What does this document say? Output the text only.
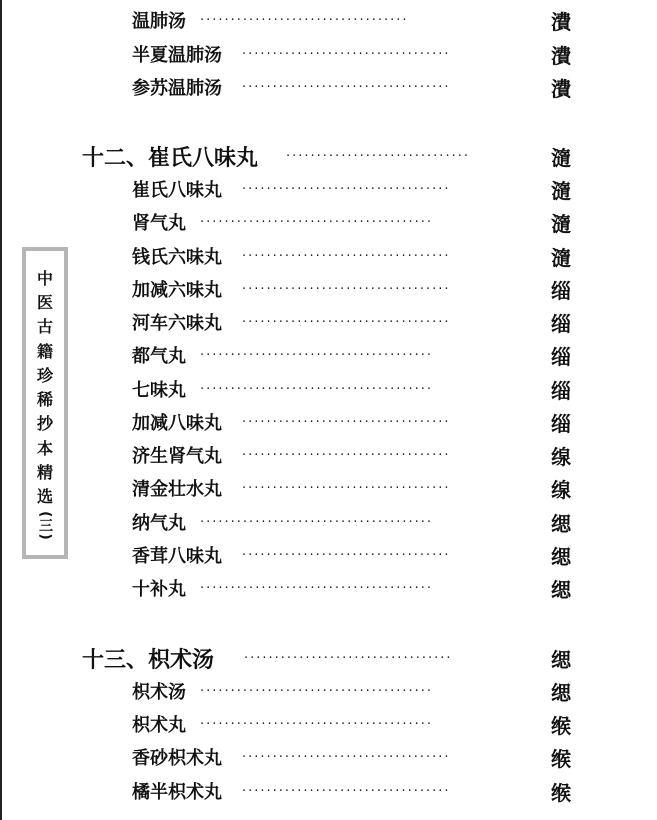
中
医
古
籍
珍
稀
抄
本
精
选
(三)
温肺汤 ··································	㵒
半夏温肺汤 ··································	㵒
参苏温肺汤 ··································	㵒
十二、崔氏八味丸 ······························	㵦
崔氏八味丸 ··································	㵦
肾气丸 ······································	㵦
钱氏六味丸 ··································	㵦
加减六味丸 ··································	缁
河车六味丸 ··································	缁
都气丸 ······································	缁
七味丸 ······································	缁
加减八味丸 ··································	缁
济生肾气丸 ··································	缐
清金壮水丸 ··································	缐
纳气丸 ······································	缌
香茸八味丸 ··································	缌
十补丸 ······································	缌
十三、枳术汤 ··································	缌
枳术汤 ······································	缌
枳术丸 ······································	缑
香砂枳术丸 ··································	缑
橘半枳术丸 ··································	缑
